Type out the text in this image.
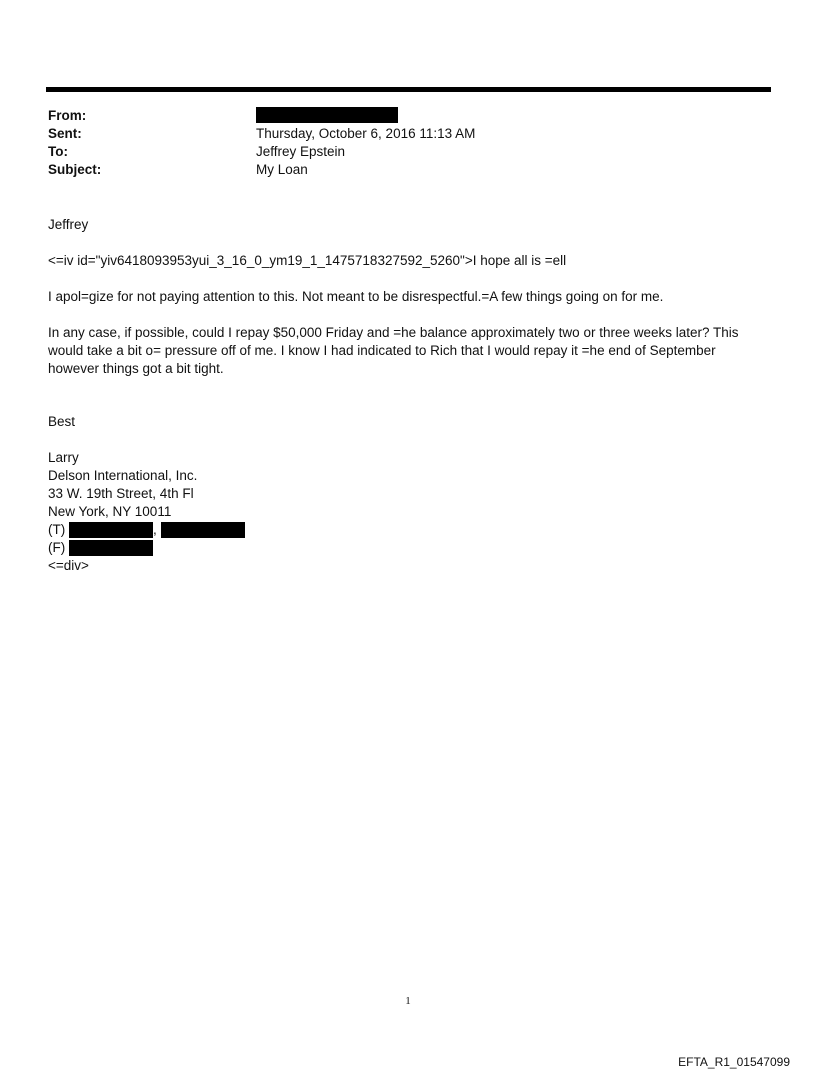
From:
Sent:	Thursday, October 6, 2016 11:13 AM
To:	Jeffrey Epstein
Subject:	My Loan
Jeffrey
<=iv id="yiv6418093953yui_3_16_0_ym19_1_1475718327592_5260">I hope all is =ell
I apol=gize for not paying attention to this. Not meant to be disrespectful.=A few things going on for me.
In any case, if possible, could I repay $50,000 Friday and =he balance approximately two or three weeks later? This
would take a bit o= pressure off of me. I know I had indicated to Rich that I would repay it =he end of September
however things got a bit tight.
Best
Larry
Delson International, Inc.
33 W. 19th Street, 4th Fl
New York, NY 10011
(T)	,
(F)
<=div>
1
EFTA_R1_01547099
